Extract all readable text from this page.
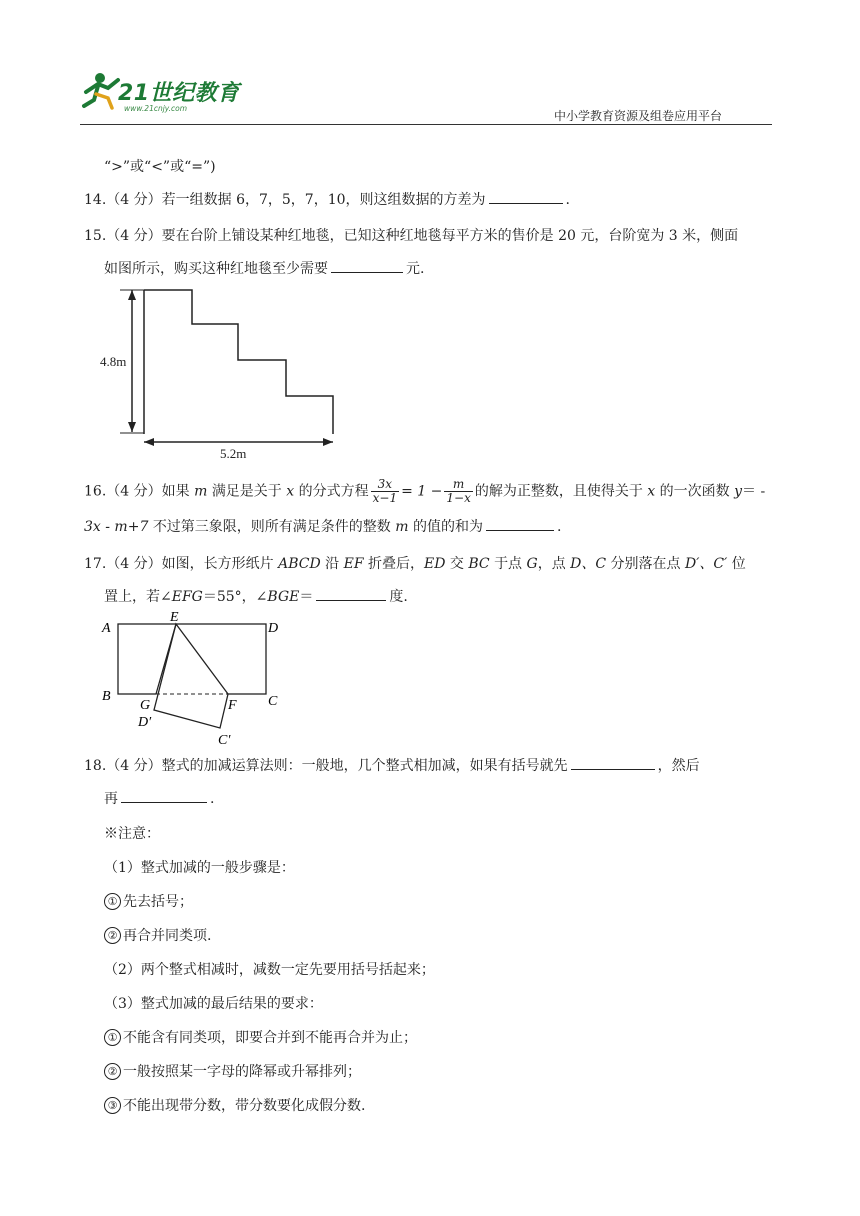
21世纪教育
www.21cnjy.com
中小学教育资源及组卷应用平台
“>”或“<”或“=”)
14.（4 分）若一组数据 6，7，5，7，10，则这组数据的方差为	.
15.（4 分）要在台阶上铺设某种红地毯，已知这种红地毯每平方米的售价是 20 元，台阶宽为 3 米，侧面
如图所示，购买这种红地毯至少需要	元.
4.8m
5.2m
16.（4 分）如果 m 满足是关于 x 的分式方程 $\frac{3x}{x-1} = 1 - \frac{m}{1-x}$ 的解为正整数，且使得关于 x 的一次函数 y＝ -
3x - m+7 不过第三象限，则所有满足条件的整数 m 的值的和为	.
17.（4 分）如图，长方形纸片 ABCD 沿 EF 折叠后，ED 交 BC 于点 G，点 D、C 分别落在点 D′、C′ 位
置上，若∠EFG＝55°，∠BGE＝	度.
A
E
D
B
G	F C
D′
C′
18.（4 分）整式的加减运算法则：一般地，几个整式相加减，如果有括号就先	，然后
再	.
※注意：
（1）整式加减的一般步骤是：
① 先去括号；
② 再合并同类项.
（2）两个整式相减时，减数一定先要用括号括起来；
（3）整式加减的最后结果的要求：
① 不能含有同类项，即要合并到不能再合并为止；
② 一般按照某一字母的降幂或升幂排列；
③ 不能出现带分数，带分数要化成假分数.
